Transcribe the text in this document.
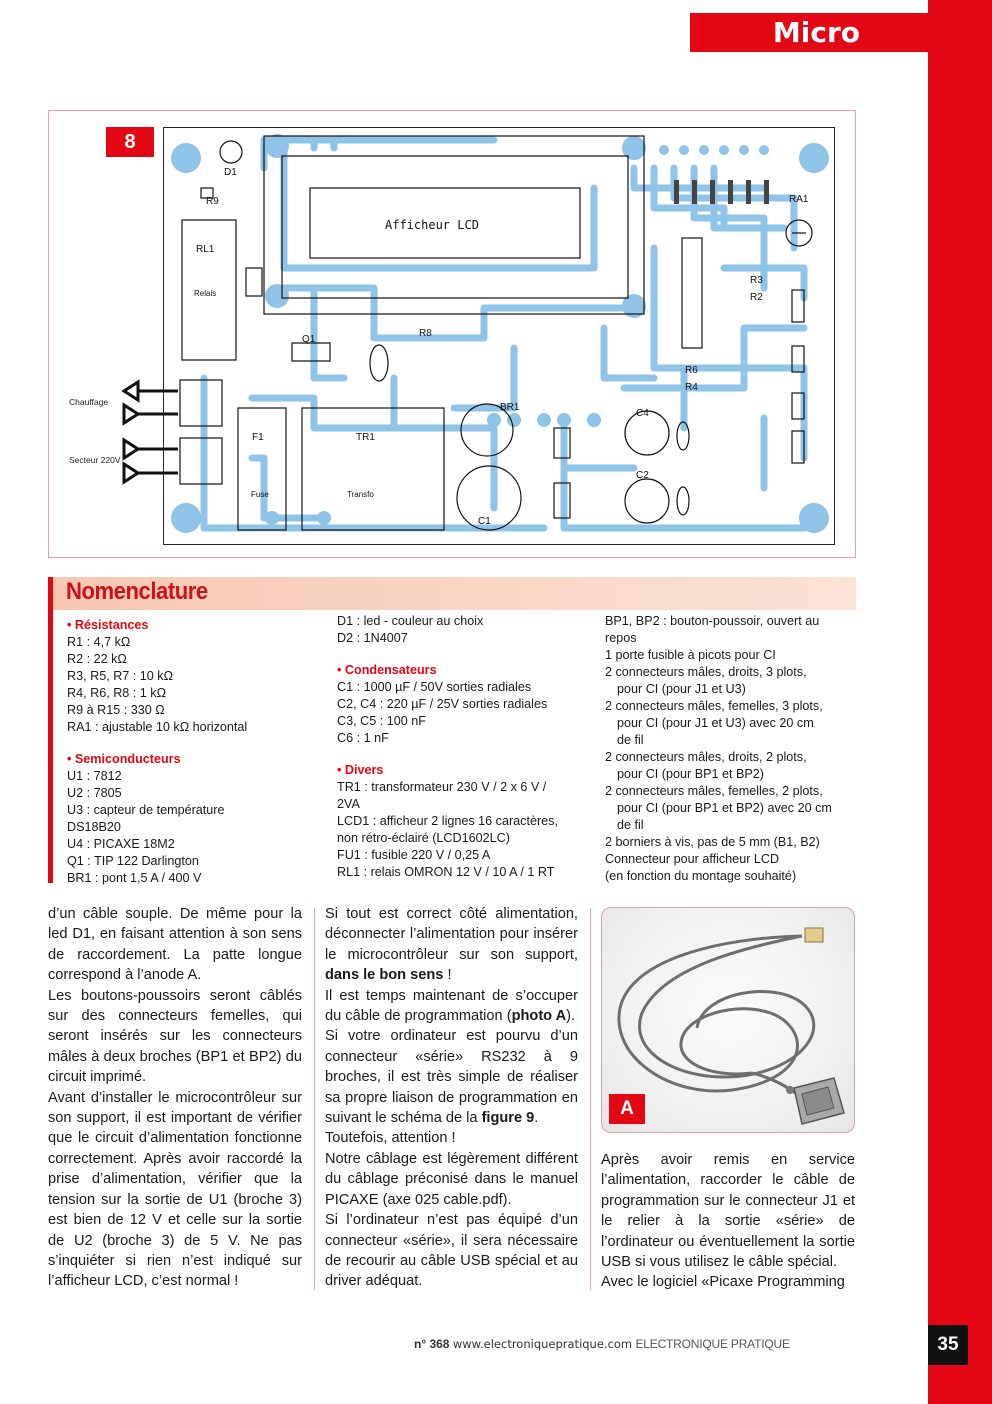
Micro
8
Chauffage
Secteur 220V
D1
R9
RL1
Relais
Afficheur LCD
Q1
R8
BR1
F1
Fuse
TR1
Transfo
C1
C4
C2
RA1
R3
R2
R6
R4
Nomenclature
• Résistances
R1 : 4,7 kΩ
R2 : 22 kΩ
R3, R5, R7 : 10 kΩ
R4, R6, R8 : 1 kΩ
R9 à R15 : 330 Ω
RA1 : ajustable 10 kΩ horizontal
• Semiconducteurs
U1 : 7812
U2 : 7805
U3 : capteur de température
DS18B20
U4 : PICAXE 18M2
Q1 : TIP 122 Darlington
BR1 : pont 1,5 A / 400 V
D1 : led - couleur au choix
D2 : 1N4007
• Condensateurs
C1 : 1000 µF / 50V sorties radiales
C2, C4 : 220 µF / 25V sorties radiales
C3, C5 : 100 nF
C6 : 1 nF
• Divers
TR1 : transformateur 230 V / 2 x 6 V /
2VA
LCD1 : afficheur 2 lignes 16 caractères,
non rétro-éclairé (LCD1602LC)
FU1 : fusible 220 V / 0,25 A
RL1 : relais OMRON 12 V / 10 A / 1 RT
BP1, BP2 : bouton-poussoir, ouvert au
repos
1 porte fusible à picots pour CI
2 connecteurs mâles, droits, 3 plots,
pour CI (pour J1 et U3)
2 connecteurs mâles, femelles, 3 plots,
pour CI (pour J1 et U3) avec 20 cm
de fil
2 connecteurs mâles, droits, 2 plots,
pour CI (pour BP1 et BP2)
2 connecteurs mâles, femelles, 2 plots,
pour CI (pour BP1 et BP2) avec 20 cm
de fil
2 borniers à vis, pas de 5 mm (B1, B2)
Connecteur pour afficheur LCD
(en fonction du montage souhaité)

d’un câble souple. De même pour la led D1, en faisant attention à son sens de raccordement. La patte longue correspond à l’anode A.

Les boutons-poussoirs seront câblés sur des connecteurs femelles, qui seront insérés sur les connecteurs mâles à deux broches (BP1 et BP2) du circuit imprimé.

Avant d’installer le microcontrôleur sur son support, il est important de vérifier que le circuit d’alimentation fonctionne correctement. Après avoir raccordé la prise d’alimentation, vérifier que la tension sur la sortie de U1 (broche 3) est bien de 12 V et celle sur la sortie de U2 (broche 3) de 5 V. Ne pas s’inquiéter si rien n’est indiqué sur l’afficheur LCD, c’est normal !

Si tout est correct côté alimentation, déconnecter l’alimentation pour insérer le microcontrôleur sur son support, dans le bon sens !

Il est temps maintenant de s’occuper du câble de programmation (photo A).

Si votre ordinateur est pourvu d’un connecteur «série» RS232 à 9 broches, il est très simple de réaliser sa propre liaison de programmation en suivant le schéma de la figure 9.

Toutefois, attention !

Notre câblage est légèrement différent du câblage préconisé dans le manuel PICAXE (axe 025 cable.pdf).

Si l’ordinateur n’est pas équipé d’un connecteur «série», il sera nécessaire de recourir au câble USB spécial et au driver adéquat.

A

Après avoir remis en service l’alimentation, raccorder le câble de programmation sur le connecteur J1 et le relier à la sortie «série» de l’ordinateur ou éventuellement la sortie USB si vous utilisez le câble spécial.

Avec le logiciel «Picaxe Programming

n° 368 www.electroniquepratique.com ELECTRONIQUE PRATIQUE	35
